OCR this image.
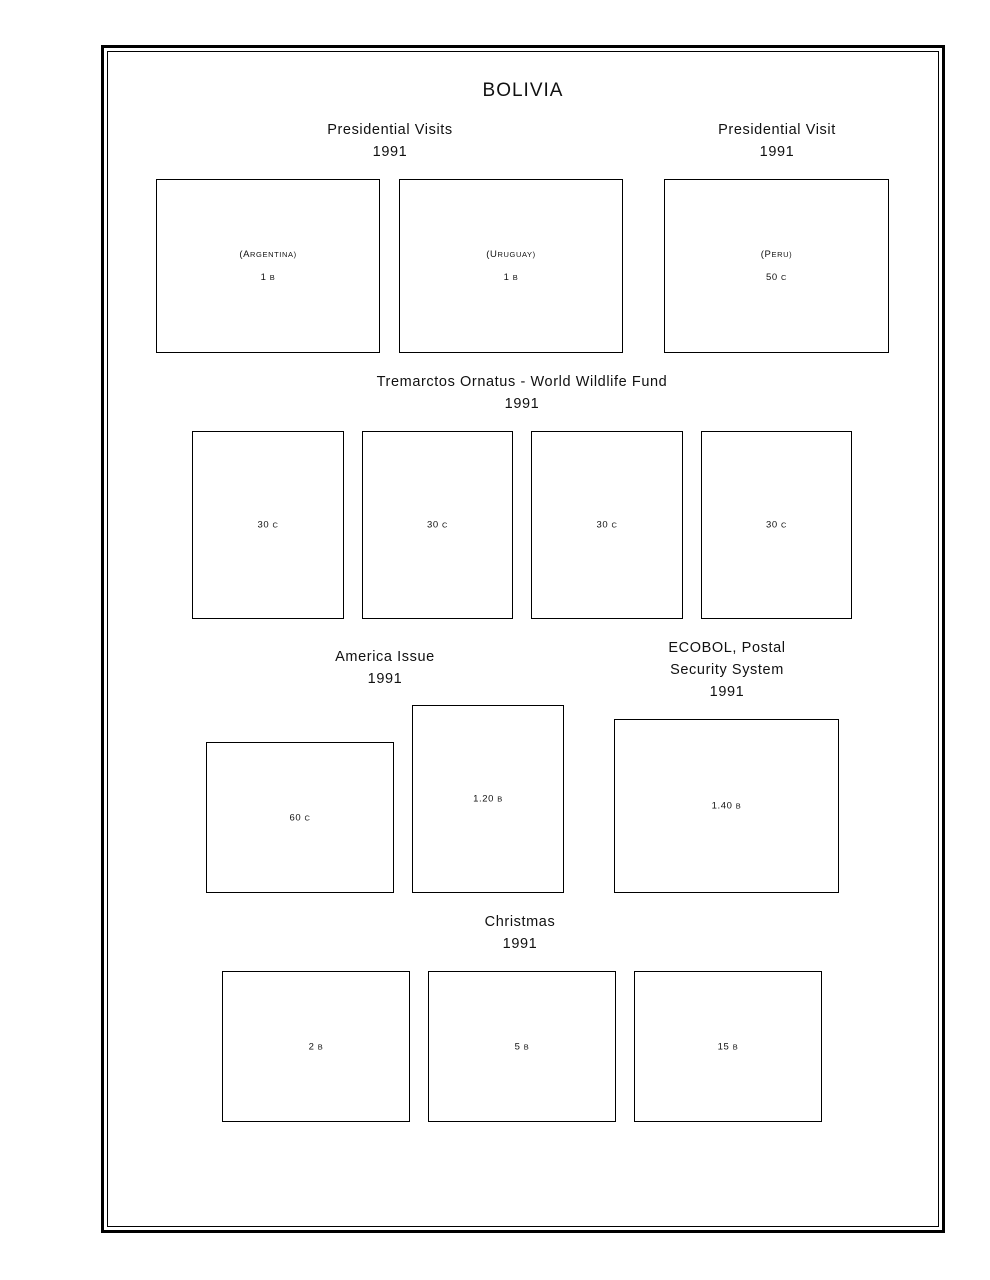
BOLIVIA
Presidential Visits
1991
(ARGENTINA)
1 B
(URUGUAY)
1 B
Presidential Visit
1991
(PERU)
50 C
Tremarctos Ornatus - World Wildlife Fund
1991
30 C	30 C	30 C	30 C
America Issue
1991
60 C
1.20 B
ECOBOL, Postal
Security System
1991
1.40 B
Christmas
1991
2 B	5 B	15 B
